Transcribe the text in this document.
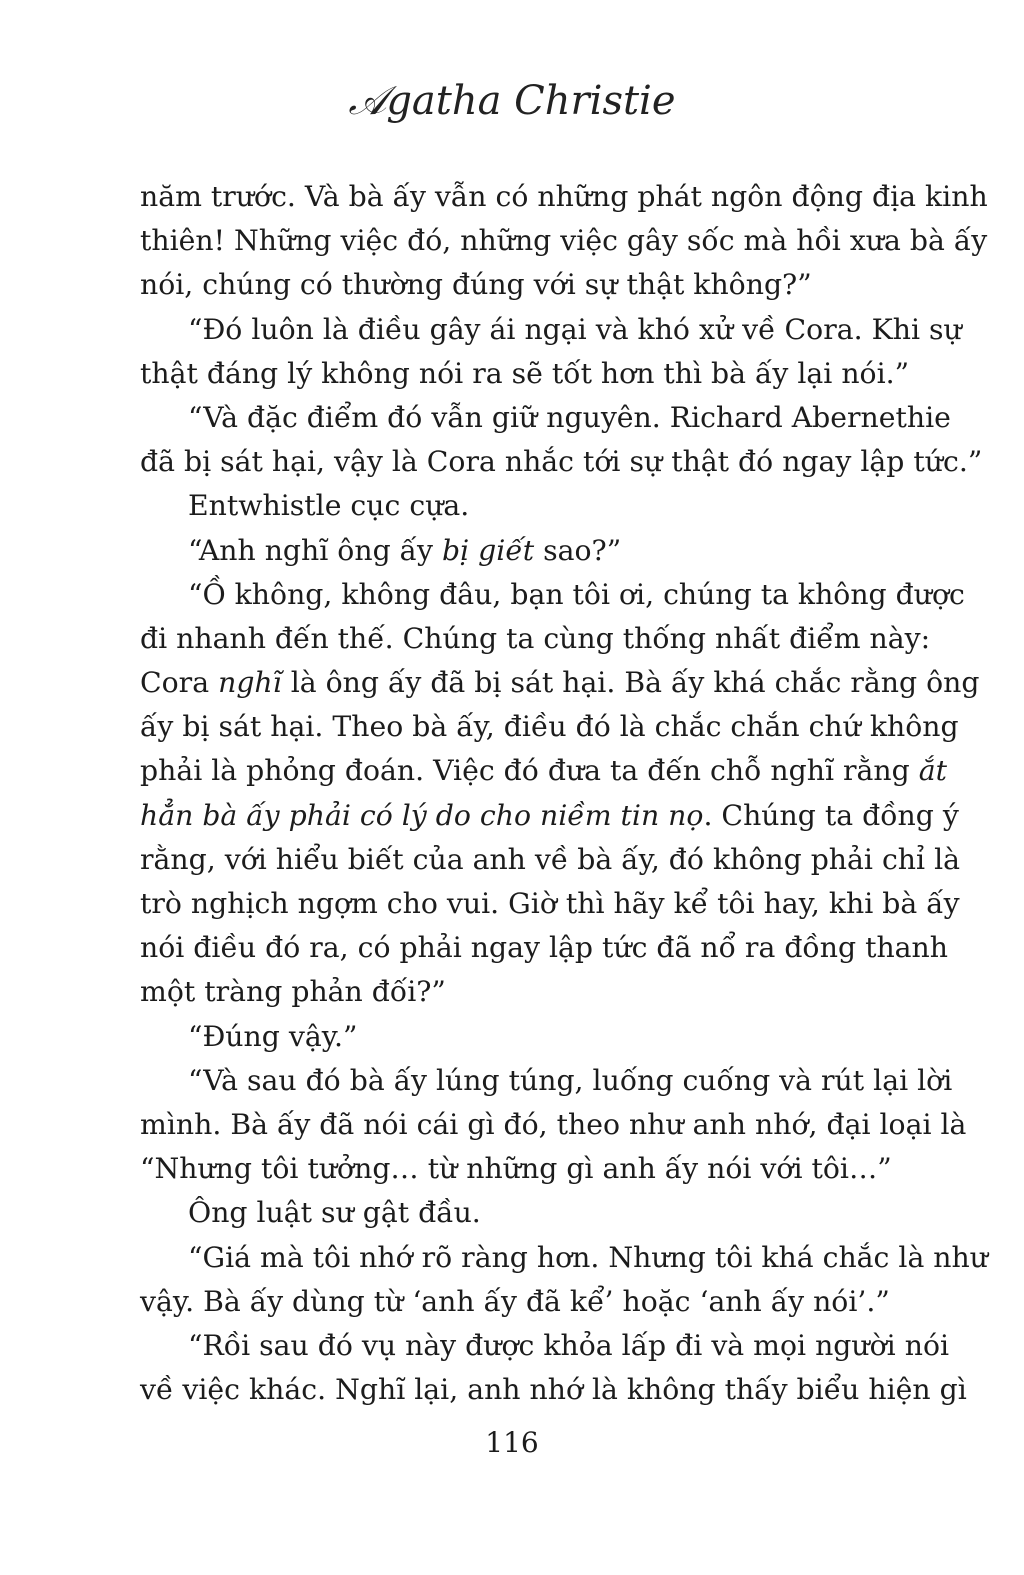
𝒜gatha Christie
năm trước. Và bà ấy vẫn có những phát ngôn động địa kinh
thiên! Những việc đó, những việc gây sốc mà hồi xưa bà ấy
nói, chúng có thường đúng với sự thật không?”
“Đó luôn là điều gây ái ngại và khó xử về Cora. Khi sự
thật đáng lý không nói ra sẽ tốt hơn thì bà ấy lại nói.”
“Và đặc điểm đó vẫn giữ nguyên. Richard Abernethie
đã bị sát hại, vậy là Cora nhắc tới sự thật đó ngay lập tức.”
Entwhistle cục cựa.
“Anh nghĩ ông ấy bị giết sao?”
“Ồ không, không đâu, bạn tôi ơi, chúng ta không được
đi nhanh đến thế. Chúng ta cùng thống nhất điểm này:
Cora nghĩ là ông ấy đã bị sát hại. Bà ấy khá chắc rằng ông
ấy bị sát hại. Theo bà ấy, điều đó là chắc chắn chứ không
phải là phỏng đoán. Việc đó đưa ta đến chỗ nghĩ rằng ắt
hẳn bà ấy phải có lý do cho niềm tin nọ. Chúng ta đồng ý
rằng, với hiểu biết của anh về bà ấy, đó không phải chỉ là
trò nghịch ngợm cho vui. Giờ thì hãy kể tôi hay, khi bà ấy
nói điều đó ra, có phải ngay lập tức đã nổ ra đồng thanh
một tràng phản đối?”
“Đúng vậy.”
“Và sau đó bà ấy lúng túng, luống cuống và rút lại lời
mình. Bà ấy đã nói cái gì đó, theo như anh nhớ, đại loại là
“Nhưng tôi tưởng… từ những gì anh ấy nói với tôi…”
Ông luật sư gật đầu.
“Giá mà tôi nhớ rõ ràng hơn. Nhưng tôi khá chắc là như
vậy. Bà ấy dùng từ ‘anh ấy đã kể’ hoặc ‘anh ấy nói’.”
“Rồi sau đó vụ này được khỏa lấp đi và mọi người nói
về việc khác. Nghĩ lại, anh nhớ là không thấy biểu hiện gì
116
